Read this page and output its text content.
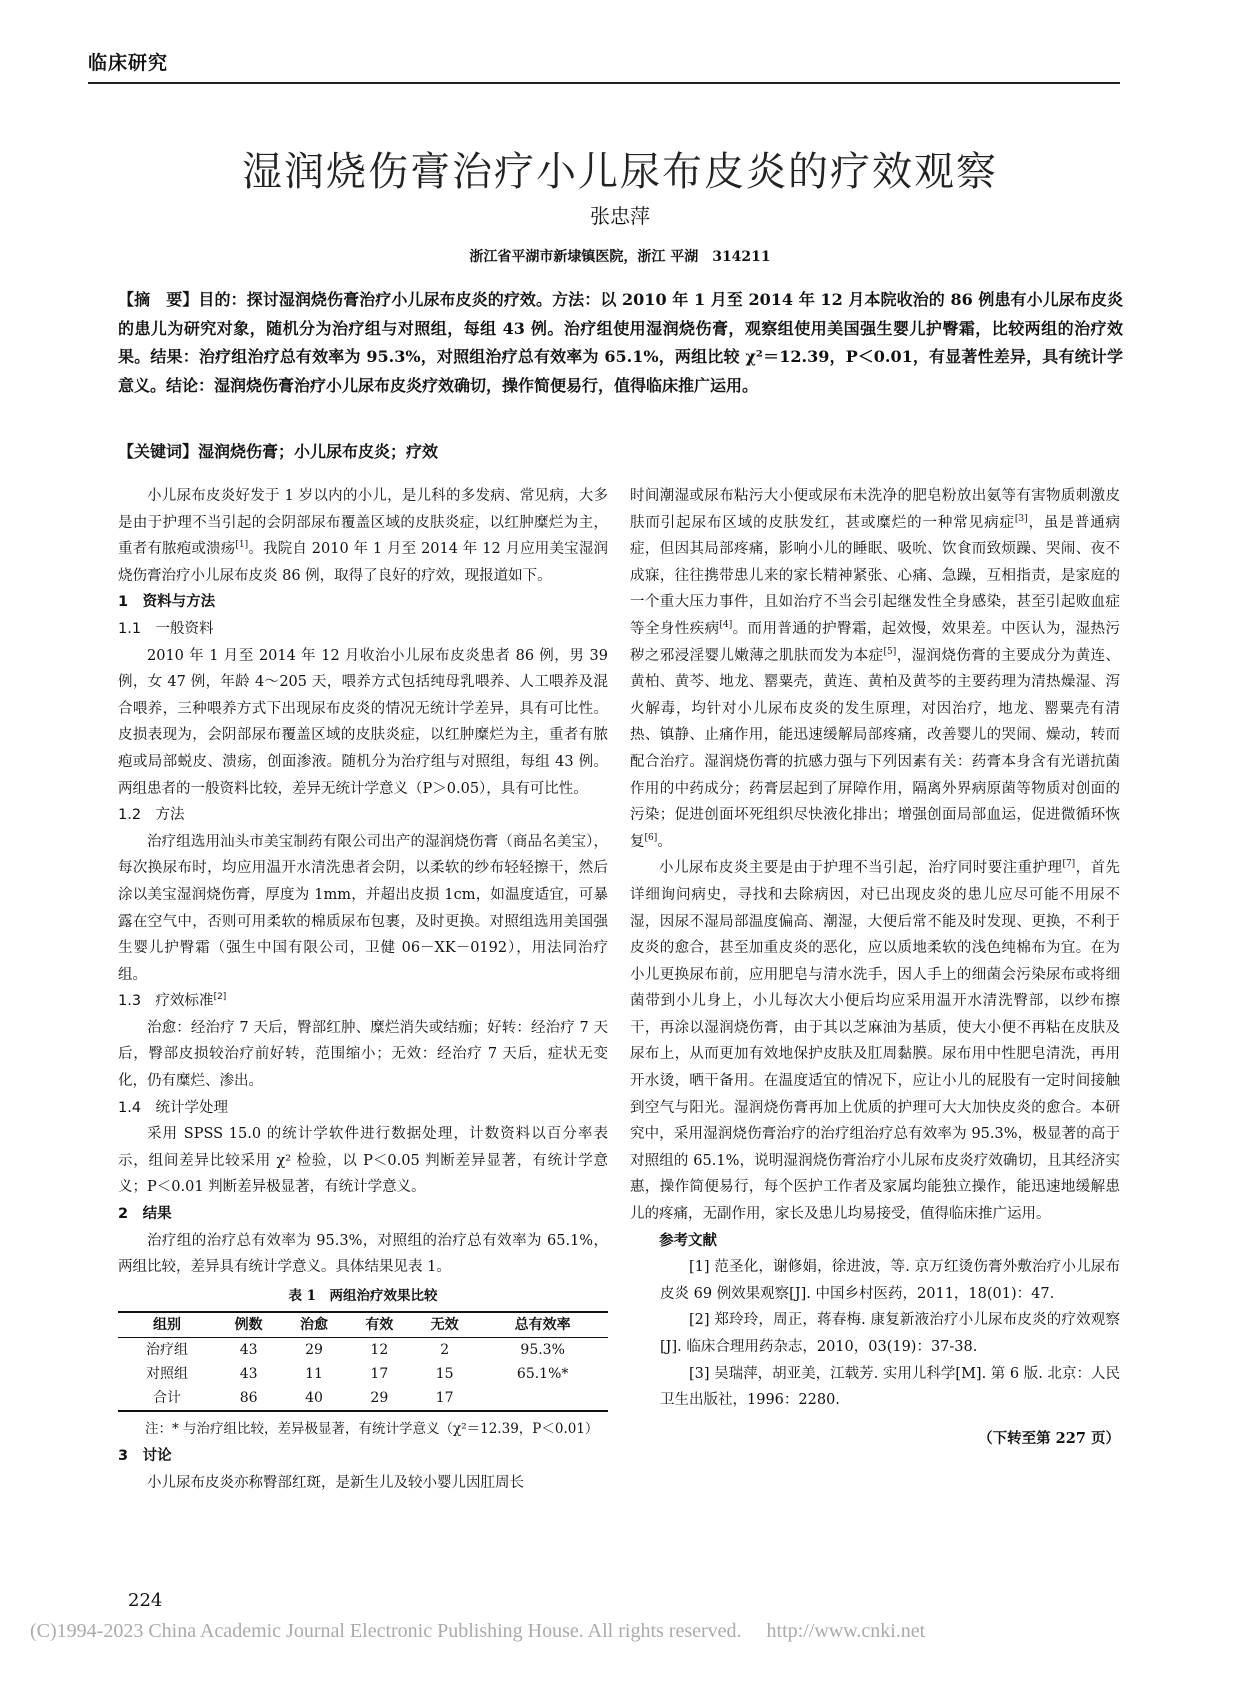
临床研究
湿润烧伤膏治疗小儿尿布皮炎的疗效观察
张忠萍
浙江省平湖市新埭镇医院，浙江 平湖　314211
【摘　要】目的：探讨湿润烧伤膏治疗小儿尿布皮炎的疗效。方法：以 2010 年 1 月至 2014 年 12 月本院收治的 86 例患有小儿尿布皮炎的患儿为研究对象，随机分为治疗组与对照组，每组 43 例。治疗组使用湿润烧伤膏，观察组使用美国强生婴儿护臀霜，比较两组的治疗效果。结果：治疗组治疗总有效率为 95.3%，对照组治疗总有效率为 65.1%，两组比较 χ²＝12.39，P＜0.01，有显著性差异，具有统计学意义。结论：湿润烧伤膏治疗小儿尿布皮炎疗效确切，操作简便易行，值得临床推广运用。
【关键词】湿润烧伤膏；小儿尿布皮炎；疗效

小儿尿布皮炎好发于 1 岁以内的小儿，是儿科的多发病、常见病，大多是由于护理不当引起的会阴部尿布覆盖区域的皮肤炎症，以红肿糜烂为主，重者有脓疱或溃疡[1]。我院自 2010 年 1 月至 2014 年 12 月应用美宝湿润烧伤膏治疗小儿尿布皮炎 86 例，取得了良好的疗效，现报道如下。

1　资料与方法

1.1　一般资料

2010 年 1 月至 2014 年 12 月收治小儿尿布皮炎患者 86 例，男 39 例，女 47 例，年龄 4～205 天，喂养方式包括纯母乳喂养、人工喂养及混合喂养，三种喂养方式下出现尿布皮炎的情况无统计学差异，具有可比性。皮损表现为，会阴部尿布覆盖区域的皮肤炎症，以红肿糜烂为主，重者有脓疱或局部蜕皮、溃疡，创面渗液。随机分为治疗组与对照组，每组 43 例。两组患者的一般资料比较，差异无统计学意义（P＞0.05），具有可比性。

1.2　方法

治疗组选用汕头市美宝制药有限公司出产的湿润烧伤膏（商品名美宝），每次换尿布时，均应用温开水清洗患者会阴，以柔软的纱布轻轻擦干，然后涂以美宝湿润烧伤膏，厚度为 1mm，并超出皮损 1cm，如温度适宜，可暴露在空气中，否则可用柔软的棉质尿布包裹，及时更换。对照组选用美国强生婴儿护臀霜（强生中国有限公司，卫健 06－XK－0192），用法同治疗组。

1.3　疗效标准[2]

治愈：经治疗 7 天后，臀部红肿、糜烂消失或结痂；好转：经治疗 7 天后，臀部皮损较治疗前好转，范围缩小；无效：经治疗 7 天后，症状无变化，仍有糜烂、渗出。

1.4　统计学处理

采用 SPSS 15.0 的统计学软件进行数据处理，计数资料以百分率表示，组间差异比较采用 χ² 检验，以 P＜0.05 判断差异显著，有统计学意义；P＜0.01 判断差异极显著，有统计学意义。

2　结果

治疗组的治疗总有效率为 95.3%，对照组的治疗总有效率为 65.1%，两组比较，差异具有统计学意义。具体结果见表 1。

表 1　两组治疗效果比较
组别	例数	治愈	有效	无效	总有效率
治疗组	43	29	12	2	95.3%
对照组	43	11	17	15	65.1%*
合计	86	40	29	17	

注：* 与治疗组比较，差异极显著，有统计学意义（χ²＝12.39，P＜0.01）

3　讨论

小儿尿布皮炎亦称臀部红斑，是新生儿及较小婴儿因肛周长

时间潮湿或尿布粘污大小便或尿布未洗净的肥皂粉放出氨等有害物质刺激皮肤而引起尿布区域的皮肤发红，甚或糜烂的一种常见病症[3]，虽是普通病症，但因其局部疼痛，影响小儿的睡眠、吸吮、饮食而致烦躁、哭闹、夜不成寐，往往携带患儿来的家长精神紧张、心痛、急躁，互相指责，是家庭的一个重大压力事件，且如治疗不当会引起继发性全身感染，甚至引起败血症等全身性疾病[4]。而用普通的护臀霜，起效慢，效果差。中医认为，湿热污秽之邪浸淫婴儿嫩薄之肌肤而发为本症[5]，湿润烧伤膏的主要成分为黄连、黄柏、黄芩、地龙、罂粟壳，黄连、黄柏及黄芩的主要药理为清热燥湿、泻火解毒，均针对小儿尿布皮炎的发生原理，对因治疗，地龙、罂粟壳有清热、镇静、止痛作用，能迅速缓解局部疼痛，改善婴儿的哭闹、燥动，转而配合治疗。湿润烧伤膏的抗感力强与下列因素有关：药膏本身含有光谱抗菌作用的中药成分；药膏层起到了屏障作用，隔离外界病原菌等物质对创面的污染；促进创面坏死组织尽快液化排出；增强创面局部血运，促进微循环恢复[6]。

小儿尿布皮炎主要是由于护理不当引起，治疗同时要注重护理[7]，首先详细询问病史，寻找和去除病因，对已出现皮炎的患儿应尽可能不用尿不湿，因尿不湿局部温度偏高、潮湿，大便后常不能及时发现、更换，不利于皮炎的愈合，甚至加重皮炎的恶化，应以质地柔软的浅色纯棉布为宜。在为小儿更换尿布前，应用肥皂与清水洗手，因人手上的细菌会污染尿布或将细菌带到小儿身上，小儿每次大小便后均应采用温开水清洗臀部，以纱布擦干，再涂以湿润烧伤膏，由于其以芝麻油为基质，使大小便不再粘在皮肤及尿布上，从而更加有效地保护皮肤及肛周黏膜。尿布用中性肥皂清洗，再用开水烫，晒干备用。在温度适宜的情况下，应让小儿的屁股有一定时间接触到空气与阳光。湿润烧伤膏再加上优质的护理可大大加快皮炎的愈合。本研究中，采用湿润烧伤膏治疗的治疗组治疗总有效率为 95.3%，极显著的高于对照组的 65.1%，说明湿润烧伤膏治疗小儿尿布皮炎疗效确切，且其经济实惠，操作简便易行，每个医护工作者及家属均能独立操作，能迅速地缓解患儿的疼痛，无副作用，家长及患儿均易接受，值得临床推广运用。

参考文献

[1] 范圣化，谢修娟，徐进波，等. 京万红烫伤膏外敷治疗小儿尿布皮炎 69 例效果观察[J]. 中国乡村医药，2011，18(01)：47.

[2] 郑玲玲，周正，蒋春梅. 康复新液治疗小儿尿布皮炎的疗效观察[J]. 临床合理用药杂志，2010，03(19)：37-38.

[3] 吴瑞萍，胡亚美，江载芳. 实用儿科学[M]. 第 6 版. 北京：人民卫生出版社，1996：2280.

（下转至第 227 页）
224
(C)1994-2023 China Academic Journal Electronic Publishing House. All rights reserved.　 http://www.cnki.net
